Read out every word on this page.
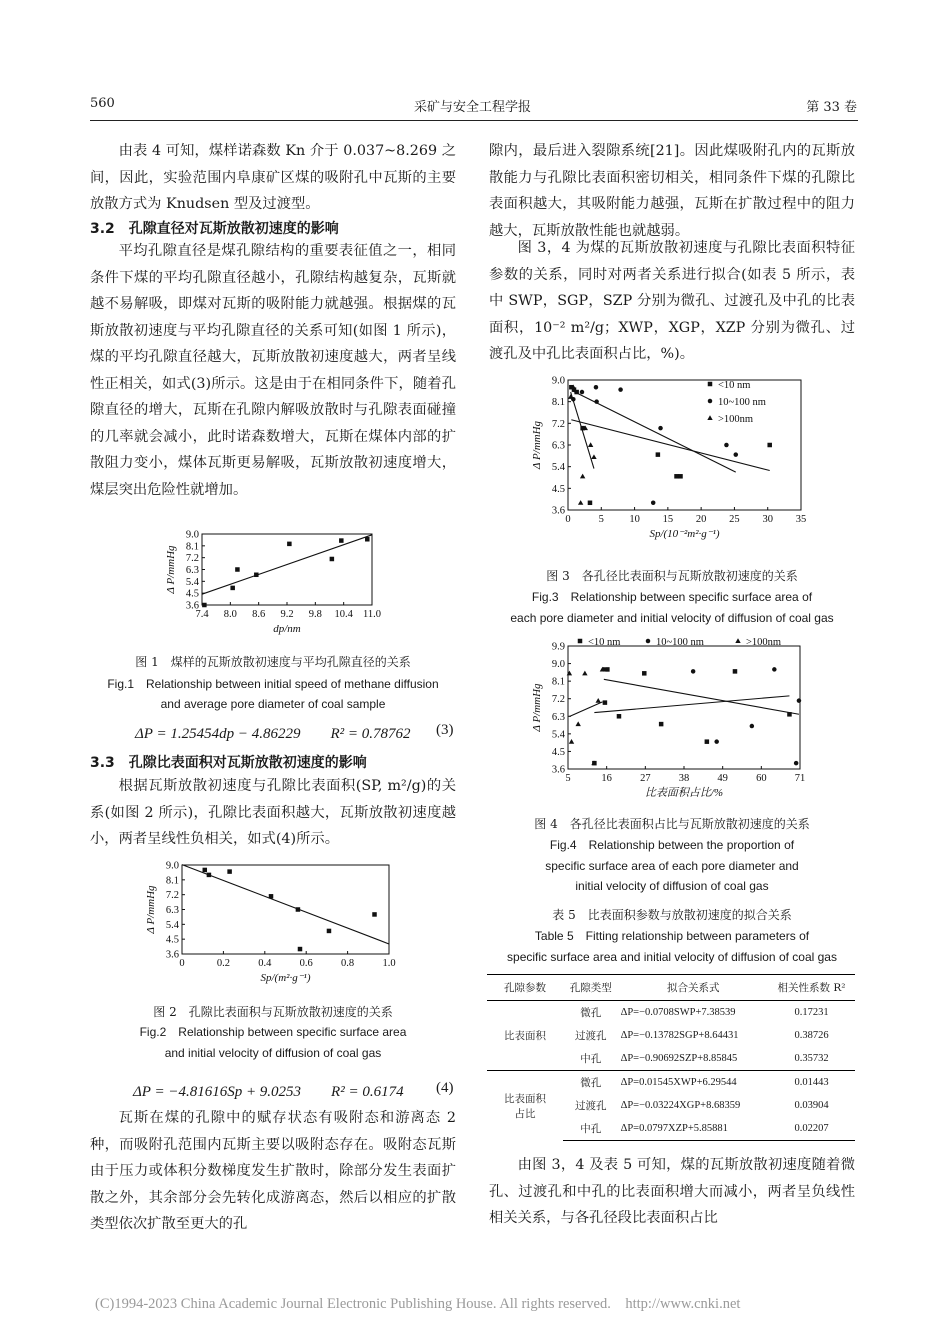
560	采矿与安全工程学报	第 33 卷

由表 4 可知，煤样诺森数 Kn 介于 0.037~8.269 之间，因此，实验范围内阜康矿区煤的吸附孔中瓦斯的主要放散方式为 Knudsen 型及过渡型。

3.2　孔隙直径对瓦斯放散初速度的影响

平均孔隙直径是煤孔隙结构的重要表征值之一，相同条件下煤的平均孔隙直径越小，孔隙结构越复杂，瓦斯就越不易解吸，即煤对瓦斯的吸附能力就越强。根据煤的瓦斯放散初速度与平均孔隙直径的关系可知(如图 1 所示)，煤的平均孔隙直径越大，瓦斯放散初速度越大，两者呈线性正相关，如式(3)所示。这是由于在相同条件下，随着孔隙直径的增大，瓦斯在孔隙内解吸放散时与孔隙表面碰撞的几率就会减小，此时诺森数增大，瓦斯在煤体内部的扩散阻力变小，煤体瓦斯更易解吸，瓦斯放散初速度增大，煤层突出危险性就增加。

7.4 8.0 8.6 9.2 9.8 10.4 11.0
3.6
4.5
5.4
6.3
7.2
8.1
9.0
dp/nm
Δ P/mmHg
图 1　煤样的瓦斯放散初速度与平均孔隙直径的关系
Fig.1　Relationship between initial speed of methane diffusion
and average pore diameter of coal sample
ΔP = 1.25454dp − 4.86229　　R² = 0.78762 (3)
3.3　孔隙比表面积对瓦斯放散初速度的影响

根据瓦斯放散初速度与孔隙比表面积(SP, m²/g)的关系(如图 2 所示)，孔隙比表面积越大，瓦斯放散初速度越小，两者呈线性负相关，如式(4)所示。

0	0.2	0.4	0.6	0.8	1.0
3.6
4.5
5.4
6.3
7.2
8.1
9.0
Sp/(m²·g⁻¹)
Δ P/mmHg
图 2　孔隙比表面积与瓦斯放散初速度的关系
Fig.2　Relationship between specific surface area
and initial velocity of diffusion of coal gas
ΔP = −4.81616Sp + 9.0253　　R² = 0.6174 (4)

瓦斯在煤的孔隙中的赋存状态有吸附态和游离态 2 种，而吸附孔范围内瓦斯主要以吸附态存在。吸附态瓦斯由于压力或体积分数梯度发生扩散时，除部分发生表面扩散之外，其余部分会先转化成游离态，然后以相应的扩散类型依次扩散至更大的孔

隙内，最后进入裂隙系统[21]。因此煤吸附孔内的瓦斯放散能力与孔隙比表面积密切相关，相同条件下煤的孔隙比表面积越大，其吸附能力越强，瓦斯在扩散过程中的阻力越大，瓦斯放散性能也就越弱。

图 3，4 为煤的瓦斯放散初速度与孔隙比表面积特征参数的关系，同时对两者关系进行拟合(如表 5 所示，表中 SWP，SGP，SZP 分别为微孔、过渡孔及中孔的比表面积，10⁻² m²/g；XWP，XGP，XZP 分别为微孔、过渡孔及中孔比表面积占比，%)。

0	5 10 15 20 25 30 35
3.6
4.5
5.4
6.3
7.2
8.1
9.0
Sp/(10⁻²m²·g⁻¹)
Δ P/mmHg
<10 nm
10~100 nm
>100nm
图 3　各孔径比表面积与瓦斯放散初速度的关系
Fig.3　Relationship between specific surface area of
each pore diameter and initial velocity of diffusion of coal gas
5	16	27	38	49	60	71
3.6
4.5
5.4
6.3
7.2
8.1
9.0
9.9
比表面积占比/%
Δ P/mmHg
<10 nm	10~100 nm	>100nm
图 4　各孔径比表面积占比与瓦斯放散初速度的关系
Fig.4　Relationship between the proportion of
specific surface area of each pore diameter and
initial velocity of diffusion of coal gas
表 5　比表面积参数与放散初速度的拟合关系
Table 5　Fitting relationship between parameters of
specific surface area and initial velocity of diffusion of coal gas
孔隙参数	孔隙类型	拟合关系式	相关性系数 R²
比表面积	微孔	ΔP=−0.0708SWP+7.38539	0.17231
	过渡孔	ΔP=−0.13782SGP+8.64431	0.38726
	中孔	ΔP=−0.90692SZP+8.85845	0.35732
比表面积占比	微孔	ΔP=0.01545XWP+6.29544	0.01443
	过渡孔	ΔP=−0.03224XGP+8.68359	0.03904
	中孔	ΔP=0.0797XZP+5.85881	0.02207

由图 3，4 及表 5 可知，煤的瓦斯放散初速度随着微孔、过渡孔和中孔的比表面积增大而减小，两者呈负线性相关关系，与各孔径段比表面积占比

(C)1994-2023 China Academic Journal Electronic Publishing House. All rights reserved.　http://www.cnki.net
